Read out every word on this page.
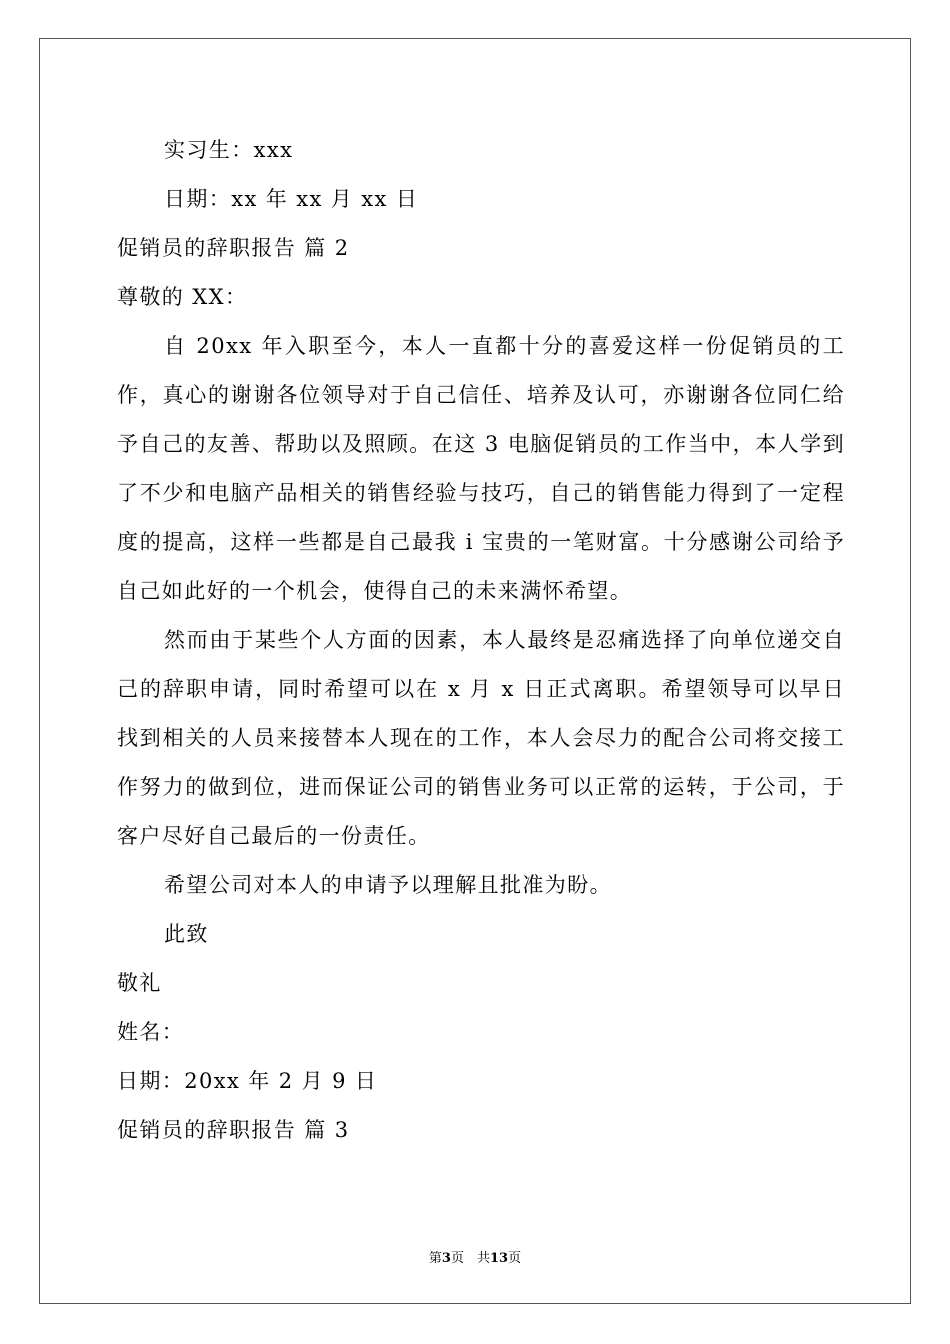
实习生：xxx
日期：xx 年 xx 月 xx 日
促销员的辞职报告 篇 2
尊敬的 XX：

自 20xx 年入职至今，本人一直都十分的喜爱这样一份促销员的工作，真心的谢谢各位领导对于自己信任、培养及认可，亦谢谢各位同仁给予自己的友善、帮助以及照顾。在这 3 电脑促销员的工作当中，本人学到了不少和电脑产品相关的销售经验与技巧，自己的销售能力得到了一定程度的提高，这样一些都是自己最我 i 宝贵的一笔财富。十分感谢公司给予自己如此好的一个机会，使得自己的未来满怀希望。

然而由于某些个人方面的因素，本人最终是忍痛选择了向单位递交自己的辞职申请，同时希望可以在 x 月 x 日正式离职。希望领导可以早日找到相关的人员来接替本人现在的工作，本人会尽力的配合公司将交接工作努力的做到位，进而保证公司的销售业务可以正常的运转，于公司，于客户尽好自己最后的一份责任。

希望公司对本人的申请予以理解且批准为盼。

此致
敬礼
姓名：
日期：20xx 年 2 月 9 日
促销员的辞职报告 篇 3
第3页　共13页
